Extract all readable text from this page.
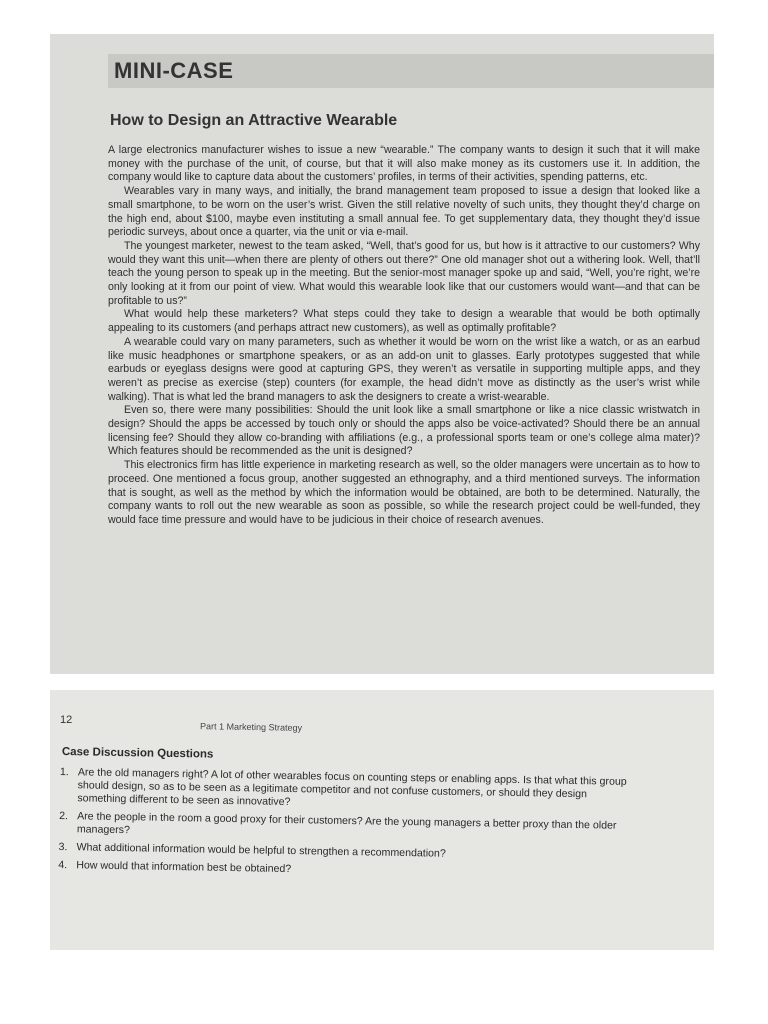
MINI-CASE
How to Design an Attractive Wearable

A large electronics manufacturer wishes to issue a new “wearable.” The company wants to design it such that it will make money with the purchase of the unit, of course, but that it will also make money as its customers use it. In addition, the company would like to capture data about the customers’ profiles, in terms of their activities, spending patterns, etc.

Wearables vary in many ways, and initially, the brand management team proposed to issue a design that looked like a small smartphone, to be worn on the user’s wrist. Given the still relative novelty of such units, they thought they’d charge on the high end, about $100, maybe even instituting a small annual fee. To get supplementary data, they thought they’d issue periodic surveys, about once a quarter, via the unit or via e-mail.

The youngest marketer, newest to the team asked, “Well, that’s good for us, but how is it attractive to our customers? Why would they want this unit—when there are plenty of others out there?” One old manager shot out a withering look. Well, that’ll teach the young person to speak up in the meeting. But the senior-most manager spoke up and said, “Well, you’re right, we’re only looking at it from our point of view. What would this wearable look like that our customers would want—and that can be profitable to us?”

What would help these marketers? What steps could they take to design a wearable that would be both optimally appealing to its customers (and perhaps attract new customers), as well as optimally profitable?

A wearable could vary on many parameters, such as whether it would be worn on the wrist like a watch, or as an earbud like music headphones or smartphone speakers, or as an add-on unit to glasses. Early prototypes suggested that while earbuds or eyeglass designs were good at capturing GPS, they weren’t as versatile in supporting multiple apps, and they weren’t as precise as exercise (step) counters (for example, the head didn’t move as distinctly as the user’s wrist while walking). That is what led the brand managers to ask the designers to create a wrist-wearable.

Even so, there were many possibilities: Should the unit look like a small smartphone or like a nice classic wristwatch in design? Should the apps be accessed by touch only or should the apps also be voice-activated? Should there be an annual licensing fee? Should they allow co-branding with affiliations (e.g., a professional sports team or one’s college alma mater)? Which features should be recommended as the unit is designed?

This electronics firm has little experience in marketing research as well, so the older managers were uncertain as to how to proceed. One mentioned a focus group, another suggested an ethnography, and a third mentioned surveys. The information that is sought, as well as the method by which the information would be obtained, are both to be determined. Naturally, the company wants to roll out the new wearable as soon as possible, so while the research project could be well-funded, they would face time pressure and would have to be judicious in their choice of research avenues.

12
Part 1 Marketing Strategy
Case Discussion Questions
1. Are the old managers right? A lot of other wearables focus on counting steps or enabling apps. Is that what this group should design, so as to be seen as a legitimate competitor and not confuse customers, or should they design something different to be seen as innovative?
2. Are the people in the room a good proxy for their customers? Are the young managers a better proxy than the older managers?
3. What additional information would be helpful to strengthen a recommendation?
4. How would that information best be obtained?
